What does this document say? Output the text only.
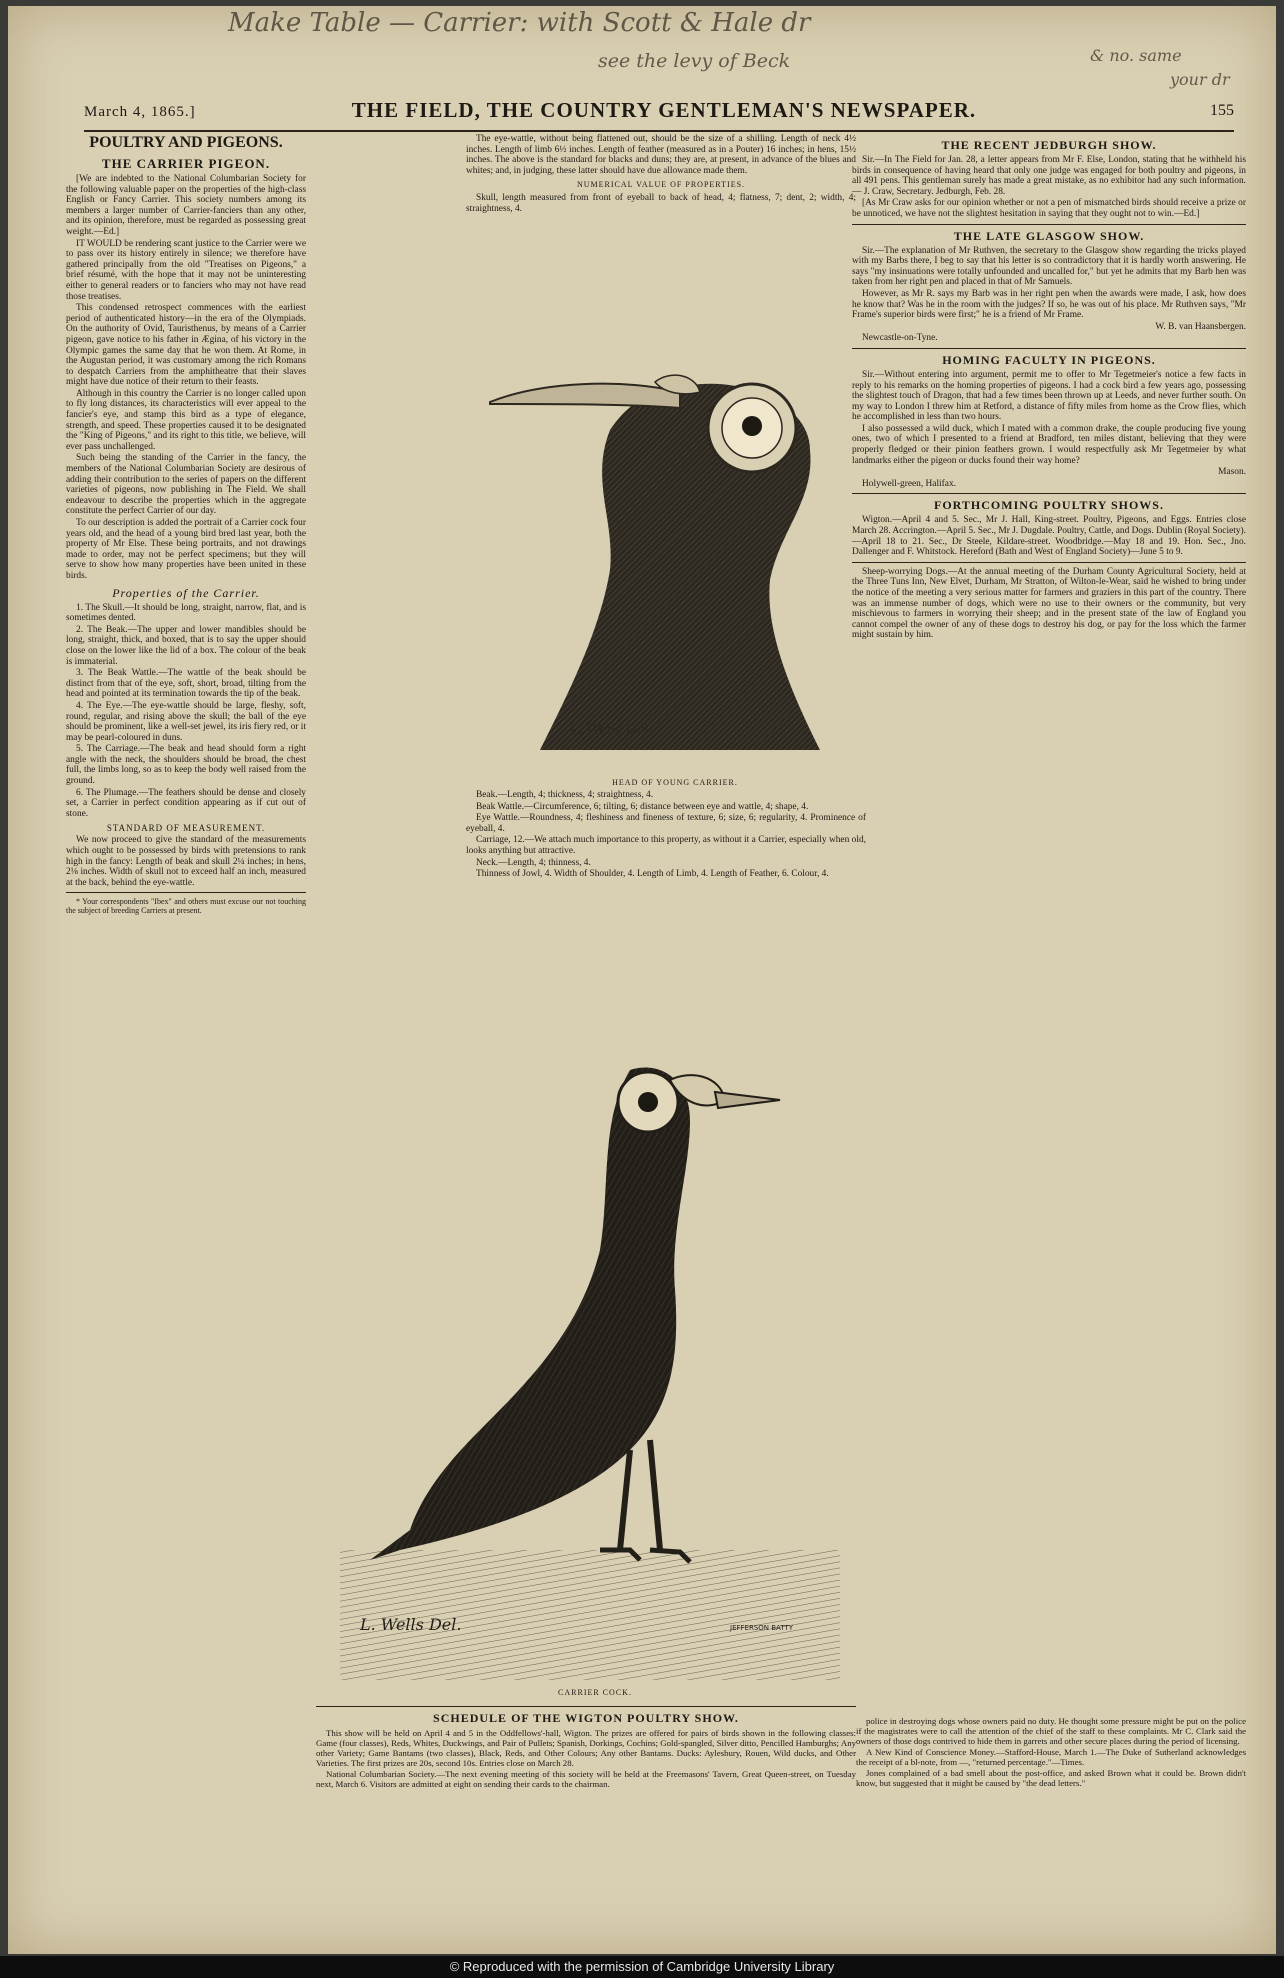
Make Table — Carrier: with Scott & Hale dr
see the levy of Beck	& no. same
your dr
March 4, 1865.]	THE FIELD, THE COUNTRY GENTLEMAN'S NEWSPAPER.	155
POULTRY AND PIGEONS.
THE CARRIER PIGEON.
[We are indebted to the National Columbarian Society for the following valuable paper on the properties of the high-class English or Fancy Carrier. This society numbers among its members a larger number of Carrier-fanciers than any other, and its opinion, therefore, must be regarded as possessing great weight.—Ed.]
IT WOULD be rendering scant justice to the Carrier were we to pass over its history entirely in silence; we therefore have gathered principally from the old "Treatises on Pigeons," a brief résumé, with the hope that it may not be uninteresting either to general readers or to fanciers who may not have read those treatises.
This condensed retrospect commences with the earliest period of authenticated history—in the era of the Olympiads. On the authority of Ovid, Tauristhenus, by means of a Carrier pigeon, gave notice to his father in Ægina, of his victory in the Olympic games the same day that he won them. At Rome, in the Augustan period, it was customary among the rich Romans to despatch Carriers from the amphitheatre that their slaves might have due notice of their return to their feasts.
Although in this country the Carrier is no longer called upon to fly long distances, its characteristics will ever appeal to the fancier's eye, and stamp this bird as a type of elegance, strength, and speed. These properties caused it to be designated the "King of Pigeons," and its right to this title, we believe, will ever pass unchallenged.
Such being the standing of the Carrier in the fancy, the members of the National Columbarian Society are desirous of adding their contribution to the series of papers on the different varieties of pigeons, now publishing in The Field. We shall endeavour to describe the properties which in the aggregate constitute the perfect Carrier of our day.
To our description is added the portrait of a Carrier cock four years old, and the head of a young bird bred last year, both the property of Mr Else. These being portraits, and not drawings made to order, may not be perfect specimens; but they will serve to show how many properties have been united in these birds.
Properties of the Carrier.
1. The Skull.—It should be long, straight, narrow, flat, and is sometimes dented.
2. The Beak.—The upper and lower mandibles should be long, straight, thick, and boxed, that is to say the upper should close on the lower like the lid of a box. The colour of the beak is immaterial.
3. The Beak Wattle.—The wattle of the beak should be distinct from that of the eye, soft, short, broad, tilting from the head and pointed at its termination towards the tip of the beak.
4. The Eye.—The eye-wattle should be large, fleshy, soft, round, regular, and rising above the skull; the ball of the eye should be prominent, like a well-set jewel, its iris fiery red, or it may be pearl-coloured in duns.
5. The Carriage.—The beak and head should form a right angle with the neck, the shoulders should be broad, the chest full, the limbs long, so as to keep the body well raised from the ground.
6. The Plumage.—The feathers should be dense and closely set, a Carrier in perfect condition appearing as if cut out of stone.
STANDARD OF MEASUREMENT.
We now proceed to give the standard of the measurements which ought to be possessed by birds with pretensions to rank high in the fancy: Length of beak and skull 2¼ inches; in hens, 2⅛ inches. Width of skull not to exceed half an inch, measured at the back, behind the eye-wattle.
* Your correspondents "Ibex" and others must excuse our not touching the subject of breeding Carriers at present.
The eye-wattle, without being flattened out, should be the size of a shilling. Length of neck 4½ inches. Length of limb 6½ inches. Length of feather (measured as in a Pouter) 16 inches; in hens, 15½ inches. The above is the standard for blacks and duns; they are, at present, in advance of the blues and whites; and, in judging, these latter should have due allowance made them.
NUMERICAL VALUE OF PROPERTIES.
Skull, length measured from front of eyeball to back of head, 4; flatness, 7; dent, 2; width, 4; straightness, 4.
L. Wells Del.
HEAD OF YOUNG CARRIER.
Beak.—Length, 4; thickness, 4; straightness, 4.
Beak Wattle.—Circumference, 6; tilting, 6; distance between eye and wattle, 4; shape, 4.
Eye Wattle.—Roundness, 4; fleshiness and fineness of texture, 6; size, 6; regularity, 4. Prominence of eyeball, 4.
Carriage, 12.—We attach much importance to this property, as without it a Carrier, especially when old, looks anything but attractive.
Neck.—Length, 4; thinness, 4.
Thinness of Jowl, 4. Width of Shoulder, 4. Length of Limb, 4. Length of Feather, 6. Colour, 4.
L. Wells Del.	JEFFERSON BATTY
CARRIER COCK.
SCHEDULE OF THE WIGTON POULTRY SHOW.
This show will be held on April 4 and 5 in the Oddfellows'-hall, Wigton. The prizes are offered for pairs of birds shown in the following classes: Game (four classes), Reds, Whites, Duckwings, and Pair of Pullets; Spanish, Dorkings, Cochins; Gold-spangled, Silver ditto, Pencilled Hamburghs; Any other Variety; Game Bantams (two classes), Black, Reds, and Other Colours; Any other Bantams. Ducks: Aylesbury, Rouen, Wild ducks, and Other Varieties. The first prizes are 20s, second 10s. Entries close on March 28.
National Columbarian Society.—The next evening meeting of this society will be held at the Freemasons' Tavern, Great Queen-street, on Tuesday next, March 6. Visitors are admitted at eight on sending their cards to the chairman.
THE RECENT JEDBURGH SHOW.
Sir.—In The Field for Jan. 28, a letter appears from Mr F. Else, London, stating that he withheld his birds in consequence of having heard that only one judge was engaged for both poultry and pigeons, in all 491 pens. This gentleman surely has made a great mistake, as no exhibitor had any such information. — J. Craw, Secretary. Jedburgh, Feb. 28.
[As Mr Craw asks for our opinion whether or not a pen of mismatched birds should receive a prize or be unnoticed, we have not the slightest hesitation in saying that they ought not to win.—Ed.]
THE LATE GLASGOW SHOW.
Sir.—The explanation of Mr Ruthven, the secretary to the Glasgow show regarding the tricks played with my Barbs there, I beg to say that his letter is so contradictory that it is hardly worth answering. He says "my insinuations were totally unfounded and uncalled for," but yet he admits that my Barb hen was taken from her right pen and placed in that of Mr Samuels.
However, as Mr R. says my Barb was in her right pen when the awards were made, I ask, how does he know that? Was he in the room with the judges? If so, he was out of his place. Mr Ruthven says, "Mr Frame's superior birds were first;" he is a friend of Mr Frame.
W. B. van Haansbergen.
Newcastle-on-Tyne.
HOMING FACULTY IN PIGEONS.
Sir.—Without entering into argument, permit me to offer to Mr Tegetmeier's notice a few facts in reply to his remarks on the homing properties of pigeons. I had a cock bird a few years ago, possessing the slightest touch of Dragon, that had a few times been thrown up at Leeds, and never further south. On my way to London I threw him at Retford, a distance of fifty miles from home as the Crow flies, which he accomplished in less than two hours.
I also possessed a wild duck, which I mated with a common drake, the couple producing five young ones, two of which I presented to a friend at Bradford, ten miles distant, believing that they were properly fledged or their pinion feathers grown. I would respectfully ask Mr Tegetmeier by what landmarks either the pigeon or ducks found their way home?
Mason.
Holywell-green, Halifax.
FORTHCOMING POULTRY SHOWS.
Wigton.—April 4 and 5. Sec., Mr J. Hall, King-street. Poultry, Pigeons, and Eggs. Entries close March 28. Accrington.—April 5. Sec., Mr J. Dugdale. Poultry, Cattle, and Dogs. Dublin (Royal Society).—April 18 to 21. Sec., Dr Steele, Kildare-street. Woodbridge.—May 18 and 19. Hon. Sec., Jno. Dallenger and F. Whitstock. Hereford (Bath and West of England Society)—June 5 to 9.
Sheep-worrying Dogs.—At the annual meeting of the Durham County Agricultural Society, held at the Three Tuns Inn, New Elvet, Durham, Mr Stratton, of Wilton-le-Wear, said he wished to bring under the notice of the meeting a very serious matter for farmers and graziers in this part of the country. There was an immense number of dogs, which were no use to their owners or the community, but very mischievous to farmers in worrying their sheep; and in the present state of the law of England you cannot compel the owner of any of these dogs to destroy his dog, or pay for the loss which the farmer might sustain by him.
police in destroying dogs whose owners paid no duty. He thought some pressure might be put on the police if the magistrates were to call the attention of the chief of the staff to these complaints. Mr C. Clark said the owners of those dogs contrived to hide them in garrets and other secure places during the period of licensing.
A New Kind of Conscience Money.—Stafford-House, March 1.—The Duke of Sutherland acknowledges the receipt of a bl-note, from —, "returned percentage."—Times.
Jones complained of a bad smell about the post-office, and asked Brown what it could be. Brown didn't know, but suggested that it might be caused by "the dead letters."
© Reproduced with the permission of Cambridge University Library
